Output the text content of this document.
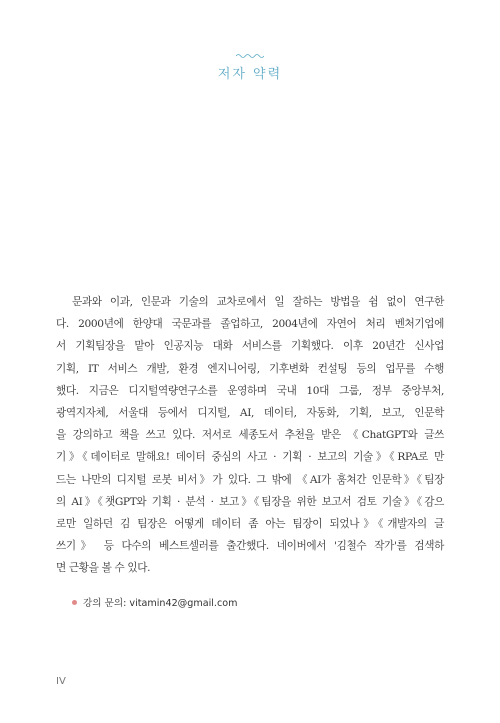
저자 약력
문과와 이과, 인문과 기술의 교차로에서 일 잘하는 방법을 쉼 없이 연구한
다. 2000년에 한양대 국문과를 졸업하고, 2004년에 자연어 처리 벤처기업에
서 기획팀장을 맡아 인공지능 대화 서비스를 기획했다. 이후 20년간 신사업
기획, IT 서비스 개발, 환경 엔지니어링, 기후변화 컨설팅 등의 업무를 수행
했다. 지금은 디지털역량연구소를 운영하며 국내 10대 그룹, 정부 중앙부처,
광역지자체, 서울대 등에서 디지털, AI, 데이터, 자동화, 기획, 보고, 인문학
을 강의하고 책을 쓰고 있다. 저서로 세종도서 추천을 받은 《ChatGPT와 글쓰
기》《데이터로 말해요! 데이터 중심의 사고 · 기획 · 보고의 기술》《RPA로 만
드는 나만의 디지털 로봇 비서》가 있다. 그 밖에 《AI가 훔쳐간 인문학》《팀장
의 AI》《챗GPT와 기획 · 분석 · 보고》《팀장을 위한 보고서 검토 기술》《감으
로만 일하던 김 팀장은 어떻게 데이터 좀 아는 팀장이 되었나》《개발자의 글
쓰기》 등 다수의 베스트셀러를 출간했다. 네이버에서 '김철수 작가'를 검색하
면 근황을 볼 수 있다.
강의 문의: vitamin42@gmail.com
IV
